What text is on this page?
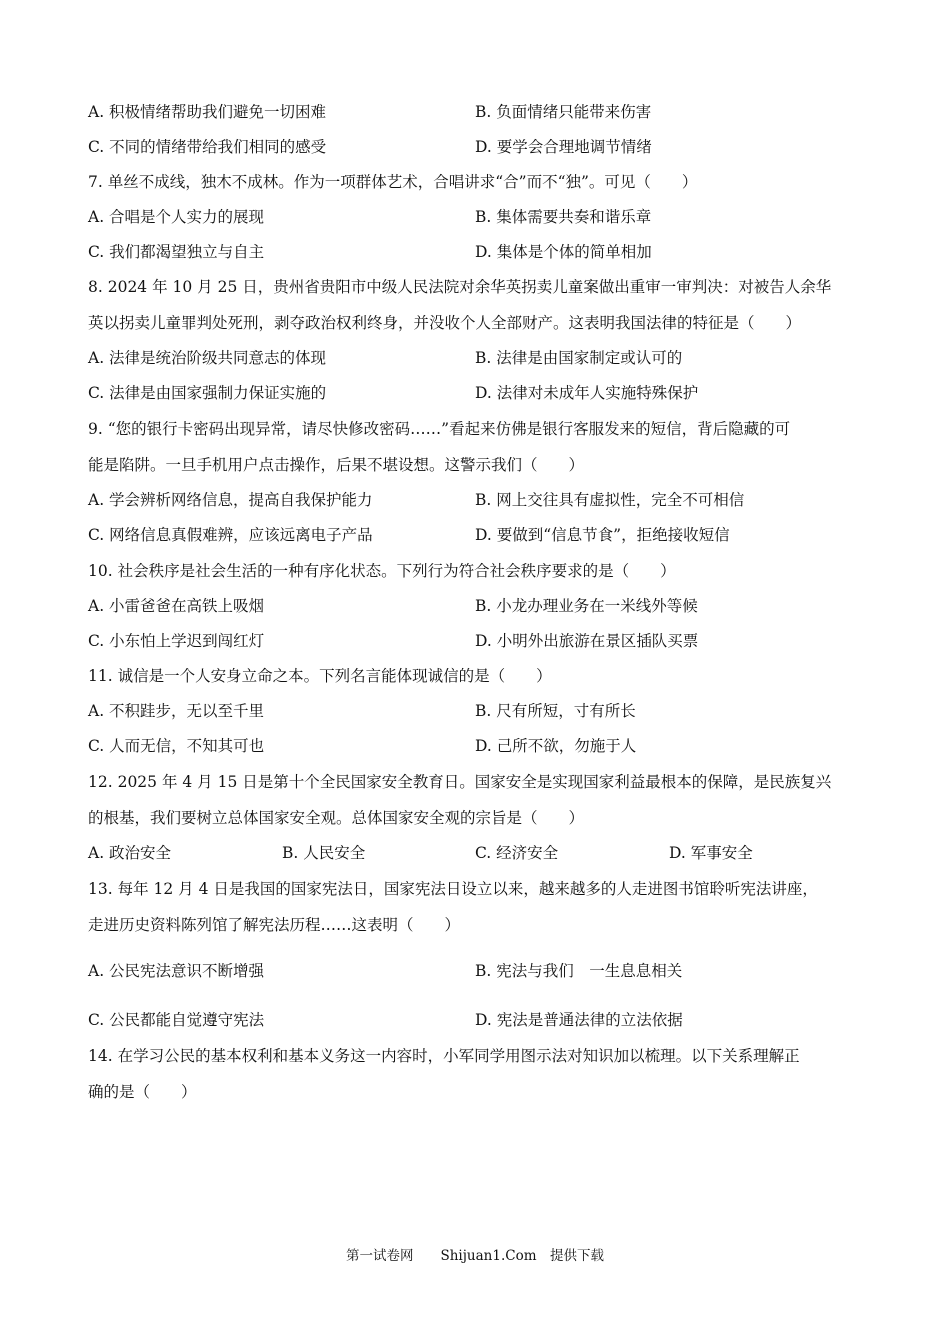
A. 积极情绪帮助我们避免一切困难	B. 负面情绪只能带来伤害
C. 不同的情绪带给我们相同的感受	D. 要学会合理地调节情绪
7. 单丝不成线，独木不成林。作为一项群体艺术，合唱讲求“合”而不“独”。可见（　　）
A. 合唱是个人实力的展现	B. 集体需要共奏和谐乐章
C. 我们都渴望独立与自主	D. 集体是个体的简单相加
8. 2024 年 10 月 25 日，贵州省贵阳市中级人民法院对余华英拐卖儿童案做出重审一审判决：对被告人余华
英以拐卖儿童罪判处死刑，剥夺政治权利终身，并没收个人全部财产。这表明我国法律的特征是（　　）
A. 法律是统治阶级共同意志的体现	B. 法律是由国家制定或认可的
C. 法律是由国家强制力保证实施的	D. 法律对未成年人实施特殊保护
9. “您的银行卡密码出现异常，请尽快修改密码……”看起来仿佛是银行客服发来的短信，背后隐藏的可
能是陷阱。一旦手机用户点击操作，后果不堪设想。这警示我们（　　）
A. 学会辨析网络信息，提高自我保护能力	B. 网上交往具有虚拟性，完全不可相信
C. 网络信息真假难辨，应该远离电子产品	D. 要做到“信息节食”，拒绝接收短信
10. 社会秩序是社会生活的一种有序化状态。下列行为符合社会秩序要求的是（　　）
A. 小雷爸爸在高铁上吸烟	B. 小龙办理业务在一米线外等候
C. 小东怕上学迟到闯红灯	D. 小明外出旅游在景区插队买票
11. 诚信是一个人安身立命之本。下列名言能体现诚信的是（　　）
A. 不积跬步，无以至千里	B. 尺有所短，寸有所长
C. 人而无信，不知其可也	D. 己所不欲，勿施于人
12. 2025 年 4 月 15 日是第十个全民国家安全教育日。国家安全是实现国家利益最根本的保障，是民族复兴
的根基，我们要树立总体国家安全观。总体国家安全观的宗旨是（　　）
A. 政治安全	B. 人民安全	C. 经济安全	D. 军事安全
13. 每年 12 月 4 日是我国的国家宪法日，国家宪法日设立以来，越来越多的人走进图书馆聆听宪法讲座，
走进历史资料陈列馆了解宪法历程……这表明（　　）
A. 公民宪法意识不断增强	B. 宪法与我们　一生息息相关
C. 公民都能自觉遵守宪法	D. 宪法是普通法律的立法依据
14. 在学习公民的基本权利和基本义务这一内容时，小军同学用图示法对知识加以梳理。以下关系理解正
确的是（　　）
第一试卷网　　Shijuan1.Com　提供下载
